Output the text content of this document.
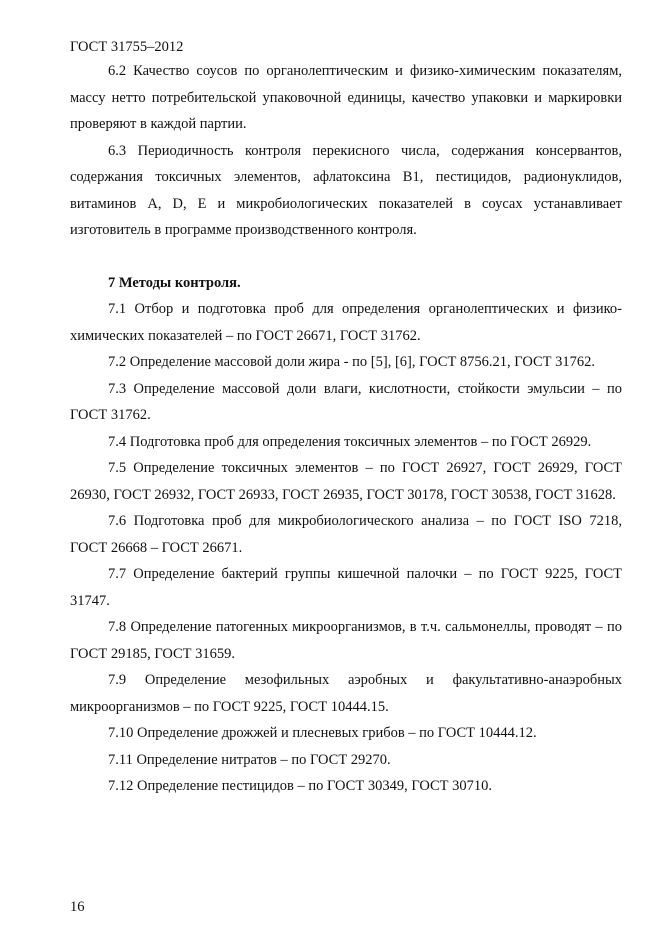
ГОСТ 31755–2012

6.2 Качество соусов по органолептическим и физико-химическим показателям, массу нетто потребительской упаковочной единицы, качество упаковки и маркировки проверяют в каждой партии.

6.3 Периодичность контроля перекисного числа, содержания консервантов, содержания токсичных элементов, афлатоксина В1, пестицидов, радионуклидов, витаминов А, D, Е и микробиологических показателей в соусах устанавливает изготовитель в программе производственного контроля.

7 Методы контроля.

7.1 Отбор и подготовка проб для определения органолептических и физико-химических показателей – по ГОСТ 26671, ГОСТ 31762.

7.2 Определение массовой доли жира - по [5], [6], ГОСТ 8756.21, ГОСТ 31762.

7.3 Определение массовой доли влаги, кислотности, стойкости эмульсии – по ГОСТ 31762.

7.4 Подготовка проб для определения токсичных элементов – по ГОСТ 26929.

7.5 Определение токсичных элементов – по ГОСТ 26927, ГОСТ 26929, ГОСТ 26930, ГОСТ 26932, ГОСТ 26933, ГОСТ 26935, ГОСТ 30178, ГОСТ 30538, ГОСТ 31628.

7.6 Подготовка проб для микробиологического анализа – по ГОСТ ISO 7218, ГОСТ 26668 – ГОСТ 26671.

7.7 Определение бактерий группы кишечной палочки – по ГОСТ 9225, ГОСТ 31747.

7.8 Определение патогенных микроорганизмов, в т.ч. сальмонеллы, проводят – по ГОСТ 29185, ГОСТ 31659.

7.9 Определение мезофильных аэробных и факультативно-анаэробных микроорганизмов – по ГОСТ 9225, ГОСТ 10444.15.

7.10 Определение дрожжей и плесневых грибов – по ГОСТ 10444.12.

7.11 Определение нитратов – по ГОСТ 29270.

7.12 Определение пестицидов – по ГОСТ 30349, ГОСТ 30710.

16
